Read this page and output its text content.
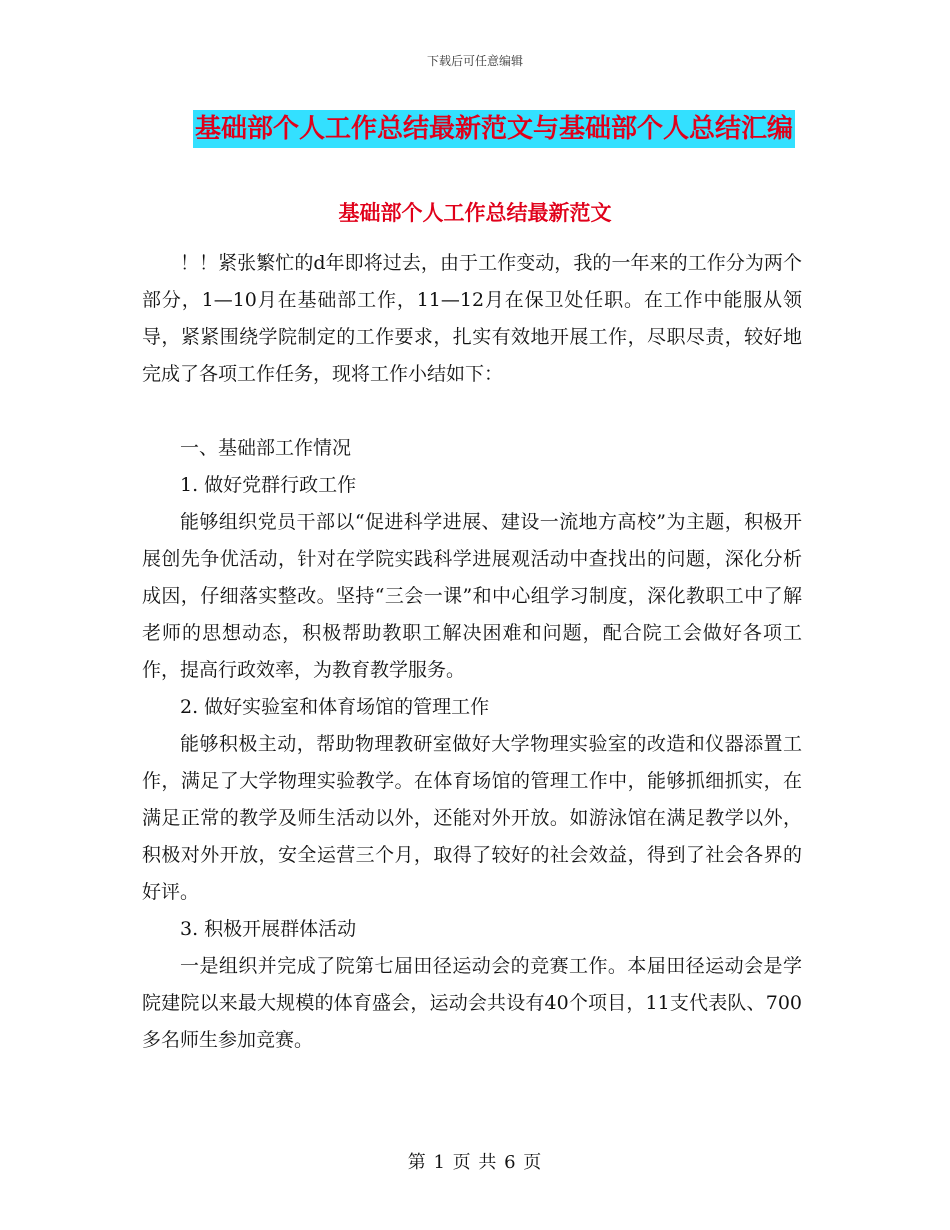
下载后可任意编辑
基础部个人工作总结最新范文与基础部个人总结汇编
基础部个人工作总结最新范文

！！紧张繁忙的d年即将过去，由于工作变动，我的一年来的工作分为两个部分，1—10月在基础部工作，11—12月在保卫处任职。在工作中能服从领导，紧紧围绕学院制定的工作要求，扎实有效地开展工作，尽职尽责，较好地完成了各项工作任务，现将工作小结如下：

一、基础部工作情况

1. 做好党群行政工作

能够组织党员干部以“促进科学进展、建设一流地方高校”为主题，积极开展创先争优活动，针对在学院实践科学进展观活动中查找出的问题，深化分析成因，仔细落实整改。坚持“三会一课”和中心组学习制度，深化教职工中了解老师的思想动态，积极帮助教职工解决困难和问题，配合院工会做好各项工作，提高行政效率，为教育教学服务。

2. 做好实验室和体育场馆的管理工作

能够积极主动，帮助物理教研室做好大学物理实验室的改造和仪器添置工作，满足了大学物理实验教学。在体育场馆的管理工作中，能够抓细抓实，在满足正常的教学及师生活动以外，还能对外开放。如游泳馆在满足教学以外，积极对外开放，安全运营三个月，取得了较好的社会效益，得到了社会各界的好评。

3. 积极开展群体活动

一是组织并完成了院第七届田径运动会的竞赛工作。本届田径运动会是学院建院以来最大规模的体育盛会，运动会共设有40个项目，11支代表队、700多名师生参加竞赛。

第 1 页 共 6 页
